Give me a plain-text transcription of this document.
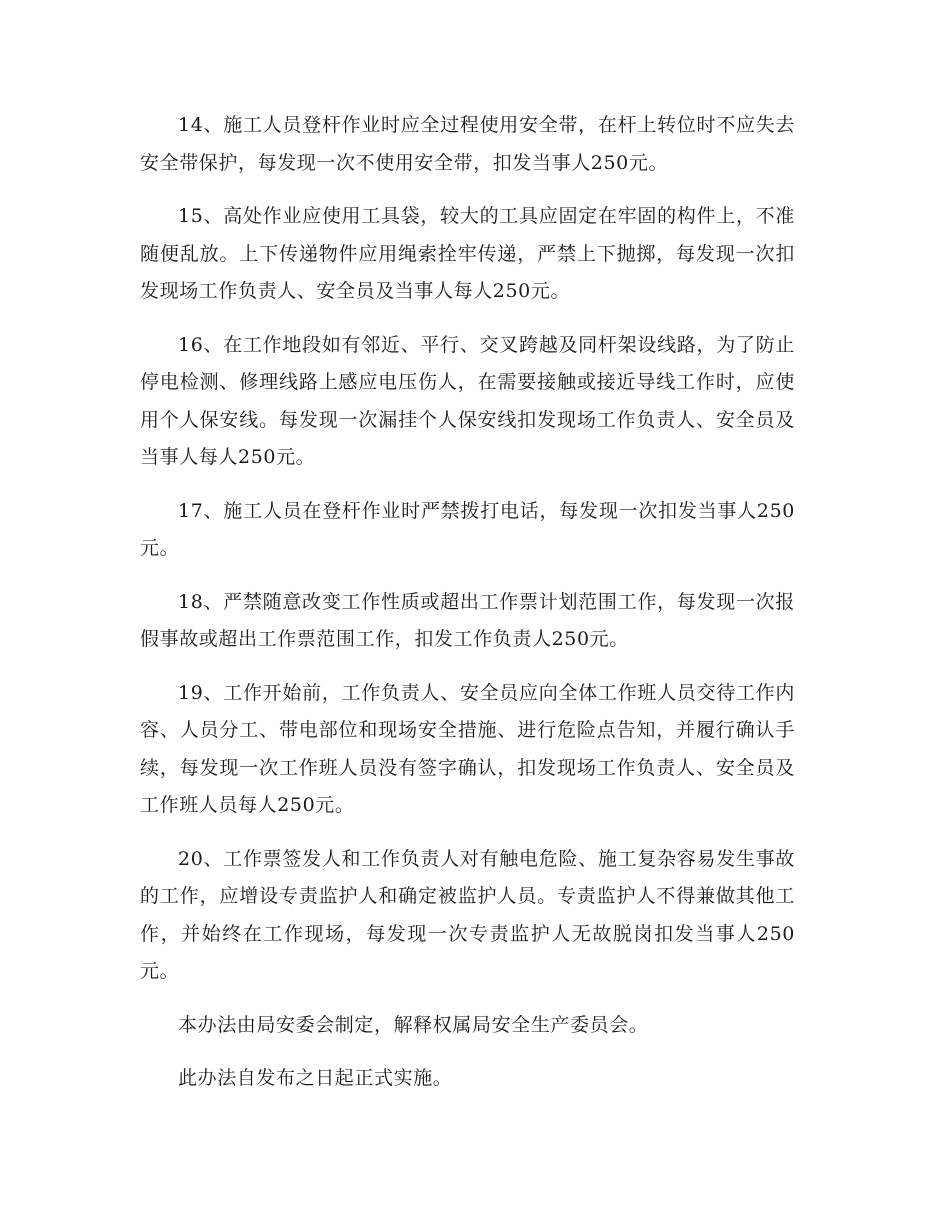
14、施工人员登杆作业时应全过程使用安全带，在杆上转位时不应失去安全带保护，每发现一次不使用安全带，扣发当事人250元。

15、高处作业应使用工具袋，较大的工具应固定在牢固的构件上，不准随便乱放。上下传递物件应用绳索拴牢传递，严禁上下抛掷，每发现一次扣发现场工作负责人、安全员及当事人每人250元。

16、在工作地段如有邻近、平行、交叉跨越及同杆架设线路，为了防止停电检测、修理线路上感应电压伤人，在需要接触或接近导线工作时，应使用个人保安线。每发现一次漏挂个人保安线扣发现场工作负责人、安全员及当事人每人250元。

17、施工人员在登杆作业时严禁拨打电话，每发现一次扣发当事人250元。

18、严禁随意改变工作性质或超出工作票计划范围工作，每发现一次报假事故或超出工作票范围工作，扣发工作负责人250元。

19、工作开始前，工作负责人、安全员应向全体工作班人员交待工作内容、人员分工、带电部位和现场安全措施、进行危险点告知，并履行确认手续，每发现一次工作班人员没有签字确认，扣发现场工作负责人、安全员及工作班人员每人250元。

20、工作票签发人和工作负责人对有触电危险、施工复杂容易发生事故的工作，应增设专责监护人和确定被监护人员。专责监护人不得兼做其他工作，并始终在工作现场，每发现一次专责监护人无故脱岗扣发当事人250元。

本办法由局安委会制定，解释权属局安全生产委员会。

此办法自发布之日起正式实施。
